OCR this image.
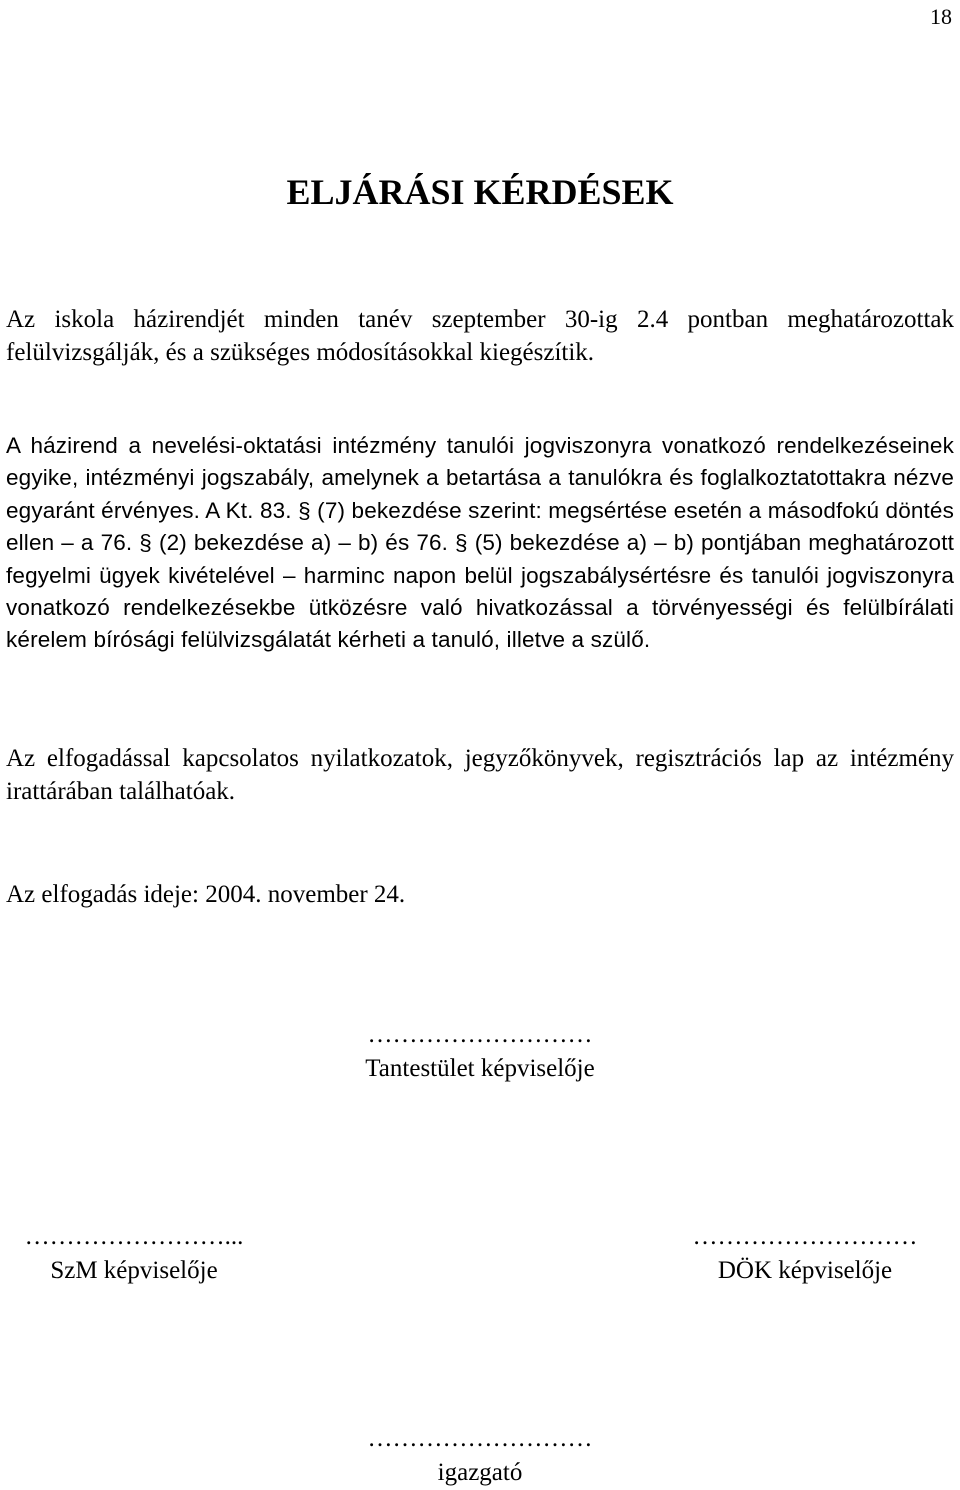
18
ELJÁRÁSI KÉRDÉSEK

Az iskola házirendjét minden tanév szeptember 30-ig 2.4 pontban meghatározottak felülvizsgálják, és a szükséges módosításokkal kiegészítik.

A házirend a nevelési-oktatási intézmény tanulói jogviszonyra vonatkozó rendelkezéseinek egyike, intézményi jogszabály, amelynek a betartása a tanulókra és foglalkoztatottakra nézve egyaránt érvényes. A Kt. 83. § (7) bekezdése szerint: megsértése esetén a másodfokú döntés ellen – a 76. § (2) bekezdése a) – b) és 76. § (5) bekezdése a) – b) pontjában meghatározott fegyelmi ügyek kivételével – harminc napon belül jogszabálysértésre és tanulói jogviszonyra vonatkozó rendelkezésekbe ütközésre való hivatkozással a törvényességi és felülbírálati kérelem bírósági felülvizsgálatát kérheti a tanuló, illetve a szülő.

Az elfogadással kapcsolatos nyilatkozatok, jegyzőkönyvek, regisztrációs lap az intézmény irattárában találhatóak.

Az elfogadás ideje: 2004. november 24.

………………………
Tantestület képviselője
……………………...
SzM képviselője
………………………
DÖK képviselője
………………………
igazgató
